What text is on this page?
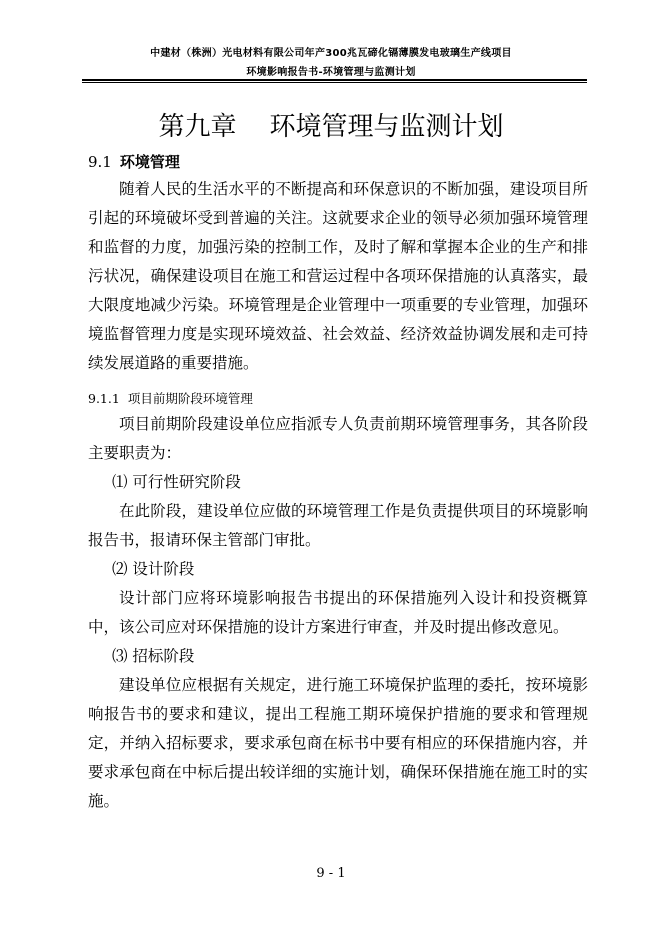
中建材（株洲）光电材料有限公司年产300兆瓦碲化镉薄膜发电玻璃生产线项目
环境影响报告书-环境管理与监测计划
第九章    环境管理与监测计划
9.1 环境管理

随着人民的生活水平的不断提高和环保意识的不断加强，建设项目所引起的环境破坏受到普遍的关注。这就要求企业的领导必须加强环境管理和监督的力度，加强污染的控制工作，及时了解和掌握本企业的生产和排污状况，确保建设项目在施工和营运过程中各项环保措施的认真落实，最大限度地减少污染。环境管理是企业管理中一项重要的专业管理，加强环境监督管理力度是实现环境效益、社会效益、经济效益协调发展和走可持续发展道路的重要措施。

9.1.1 项目前期阶段环境管理

项目前期阶段建设单位应指派专人负责前期环境管理事务，其各阶段主要职责为：

⑴ 可行性研究阶段

在此阶段，建设单位应做的环境管理工作是负责提供项目的环境影响报告书，报请环保主管部门审批。

⑵ 设计阶段

设计部门应将环境影响报告书提出的环保措施列入设计和投资概算中，该公司应对环保措施的设计方案进行审查，并及时提出修改意见。

⑶ 招标阶段

建设单位应根据有关规定，进行施工环境保护监理的委托，按环境影响报告书的要求和建议，提出工程施工期环境保护措施的要求和管理规定，并纳入招标要求，要求承包商在标书中要有相应的环保措施内容，并要求承包商在中标后提出较详细的实施计划，确保环保措施在施工时的实施。

9 - 1
